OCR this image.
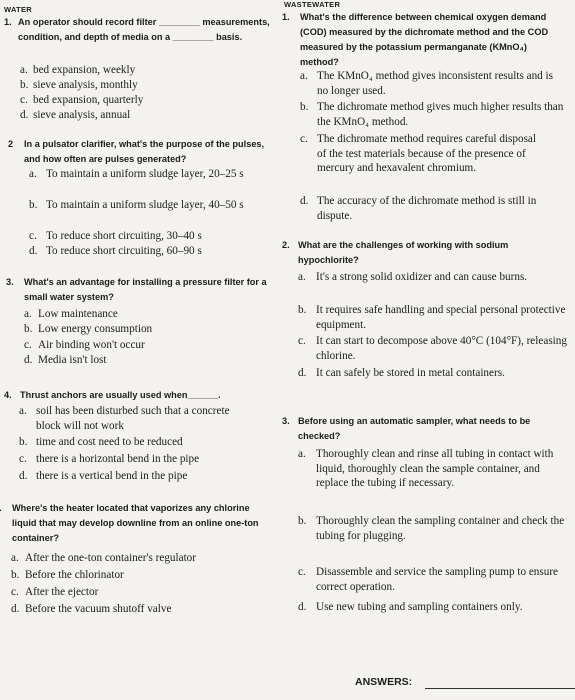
WATER
1. An operator should record filter ________ measurements, condition, and depth of media on a ________ basis.
a. bed expansion, weekly
b. sieve analysis, monthly
c. bed expansion, quarterly
d. sieve analysis, annual
2	In a pulsator clarifier, what's the purpose of the pulses, and how often are pulses generated?
a. To maintain a uniform sludge layer, 20–25 s
b. To maintain a uniform sludge layer, 40–50 s
c. To reduce short circuiting, 30–40 s
d. To reduce short circuiting, 60–90 s
3.	What's an advantage for installing a pressure filter for a small water system?
a. Low maintenance
b. Low energy consumption
c. Air binding won't occur
d. Media isn't lost
4. Thrust anchors are usually used when______.
a. soil has been disturbed such that a concrete block will not work
b. time and cost need to be reduced
c. there is a horizontal bend in the pipe
d. there is a vertical bend in the pipe
Where's the heater located that vaporizes any chlorine liquid that may develop downline from an online one-ton container?
a. After the one-ton container's regulator
b. Before the chlorinator
c. After the ejector
d. Before the vacuum shutoff valve
WASTEWATER
1.	What's the difference between chemical oxygen demand (COD) measured by the dichromate method and the COD measured by the potassium permanganate (KMnO₄) method?
a. The KMnO₄ method gives inconsistent results and is no longer used.
b. The dichromate method gives much higher results than the KMnO₄ method.
c. The dichromate method requires careful disposal of the test materials because of the presence of mercury and hexavalent chromium.
d. The accuracy of the dichromate method is still in dispute.
2. What are the challenges of working with sodium hypochlorite?
a. It's a strong solid oxidizer and can cause burns.
b. It requires safe handling and special personal protective equipment.
c. It can start to decompose above 40°C (104°F), releasing chlorine.
d. It can safely be stored in metal containers.
3. Before using an automatic sampler, what needs to be checked?
a. Thoroughly clean and rinse all tubing in contact with liquid, thoroughly clean the sample container, and replace the tubing if necessary.
b. Thoroughly clean the sampling container and check the tubing for plugging.
c. Disassemble and service the sampling pump to ensure correct operation.
d. Use new tubing and sampling containers only.
ANSWERS:
